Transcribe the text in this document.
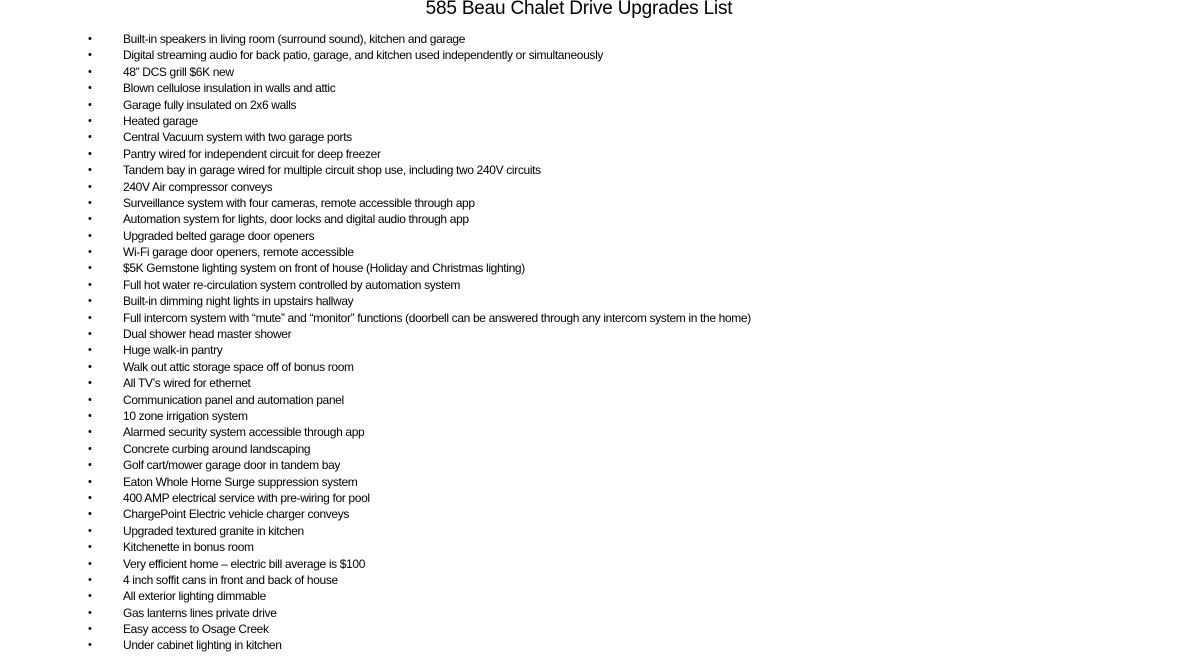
585 Beau Chalet Drive Upgrades List
•	Built-in speakers in living room (surround sound), kitchen and garage
•	Digital streaming audio for back patio, garage, and kitchen used independently or simultaneously
•	48” DCS grill $6K new
•	Blown cellulose insulation in walls and attic
•	Garage fully insulated on 2x6 walls
•	Heated garage
•	Central Vacuum system with two garage ports
•	Pantry wired for independent circuit for deep freezer
•	Tandem bay in garage wired for multiple circuit shop use, including two 240V circuits
•	240V Air compressor conveys
•	Surveillance system with four cameras, remote accessible through app
•	Automation system for lights, door locks and digital audio through app
•	Upgraded belted garage door openers
•	Wi-Fi garage door openers, remote accessible
•	$5K Gemstone lighting system on front of house (Holiday and Christmas lighting)
•	Full hot water re-circulation system controlled by automation system
•	Built-in dimming night lights in upstairs hallway
•	Full intercom system with “mute” and “monitor” functions (doorbell can be answered through any intercom system in the home)
•	Dual shower head master shower
•	Huge walk-in pantry
•	Walk out attic storage space off of bonus room
•	All TV’s wired for ethernet
•	Communication panel and automation panel
•	10 zone irrigation system
•	Alarmed security system accessible through app
•	Concrete curbing around landscaping
•	Golf cart/mower garage door in tandem bay
•	Eaton Whole Home Surge suppression system
•	400 AMP electrical service with pre-wiring for pool
•	ChargePoint Electric vehicle charger conveys
•	Upgraded textured granite in kitchen
•	Kitchenette in bonus room
•	Very efficient home – electric bill average is $100
•	4 inch soffit cans in front and back of house
•	All exterior lighting dimmable
•	Gas lanterns lines private drive
•	Easy access to Osage Creek
•	Under cabinet lighting in kitchen
